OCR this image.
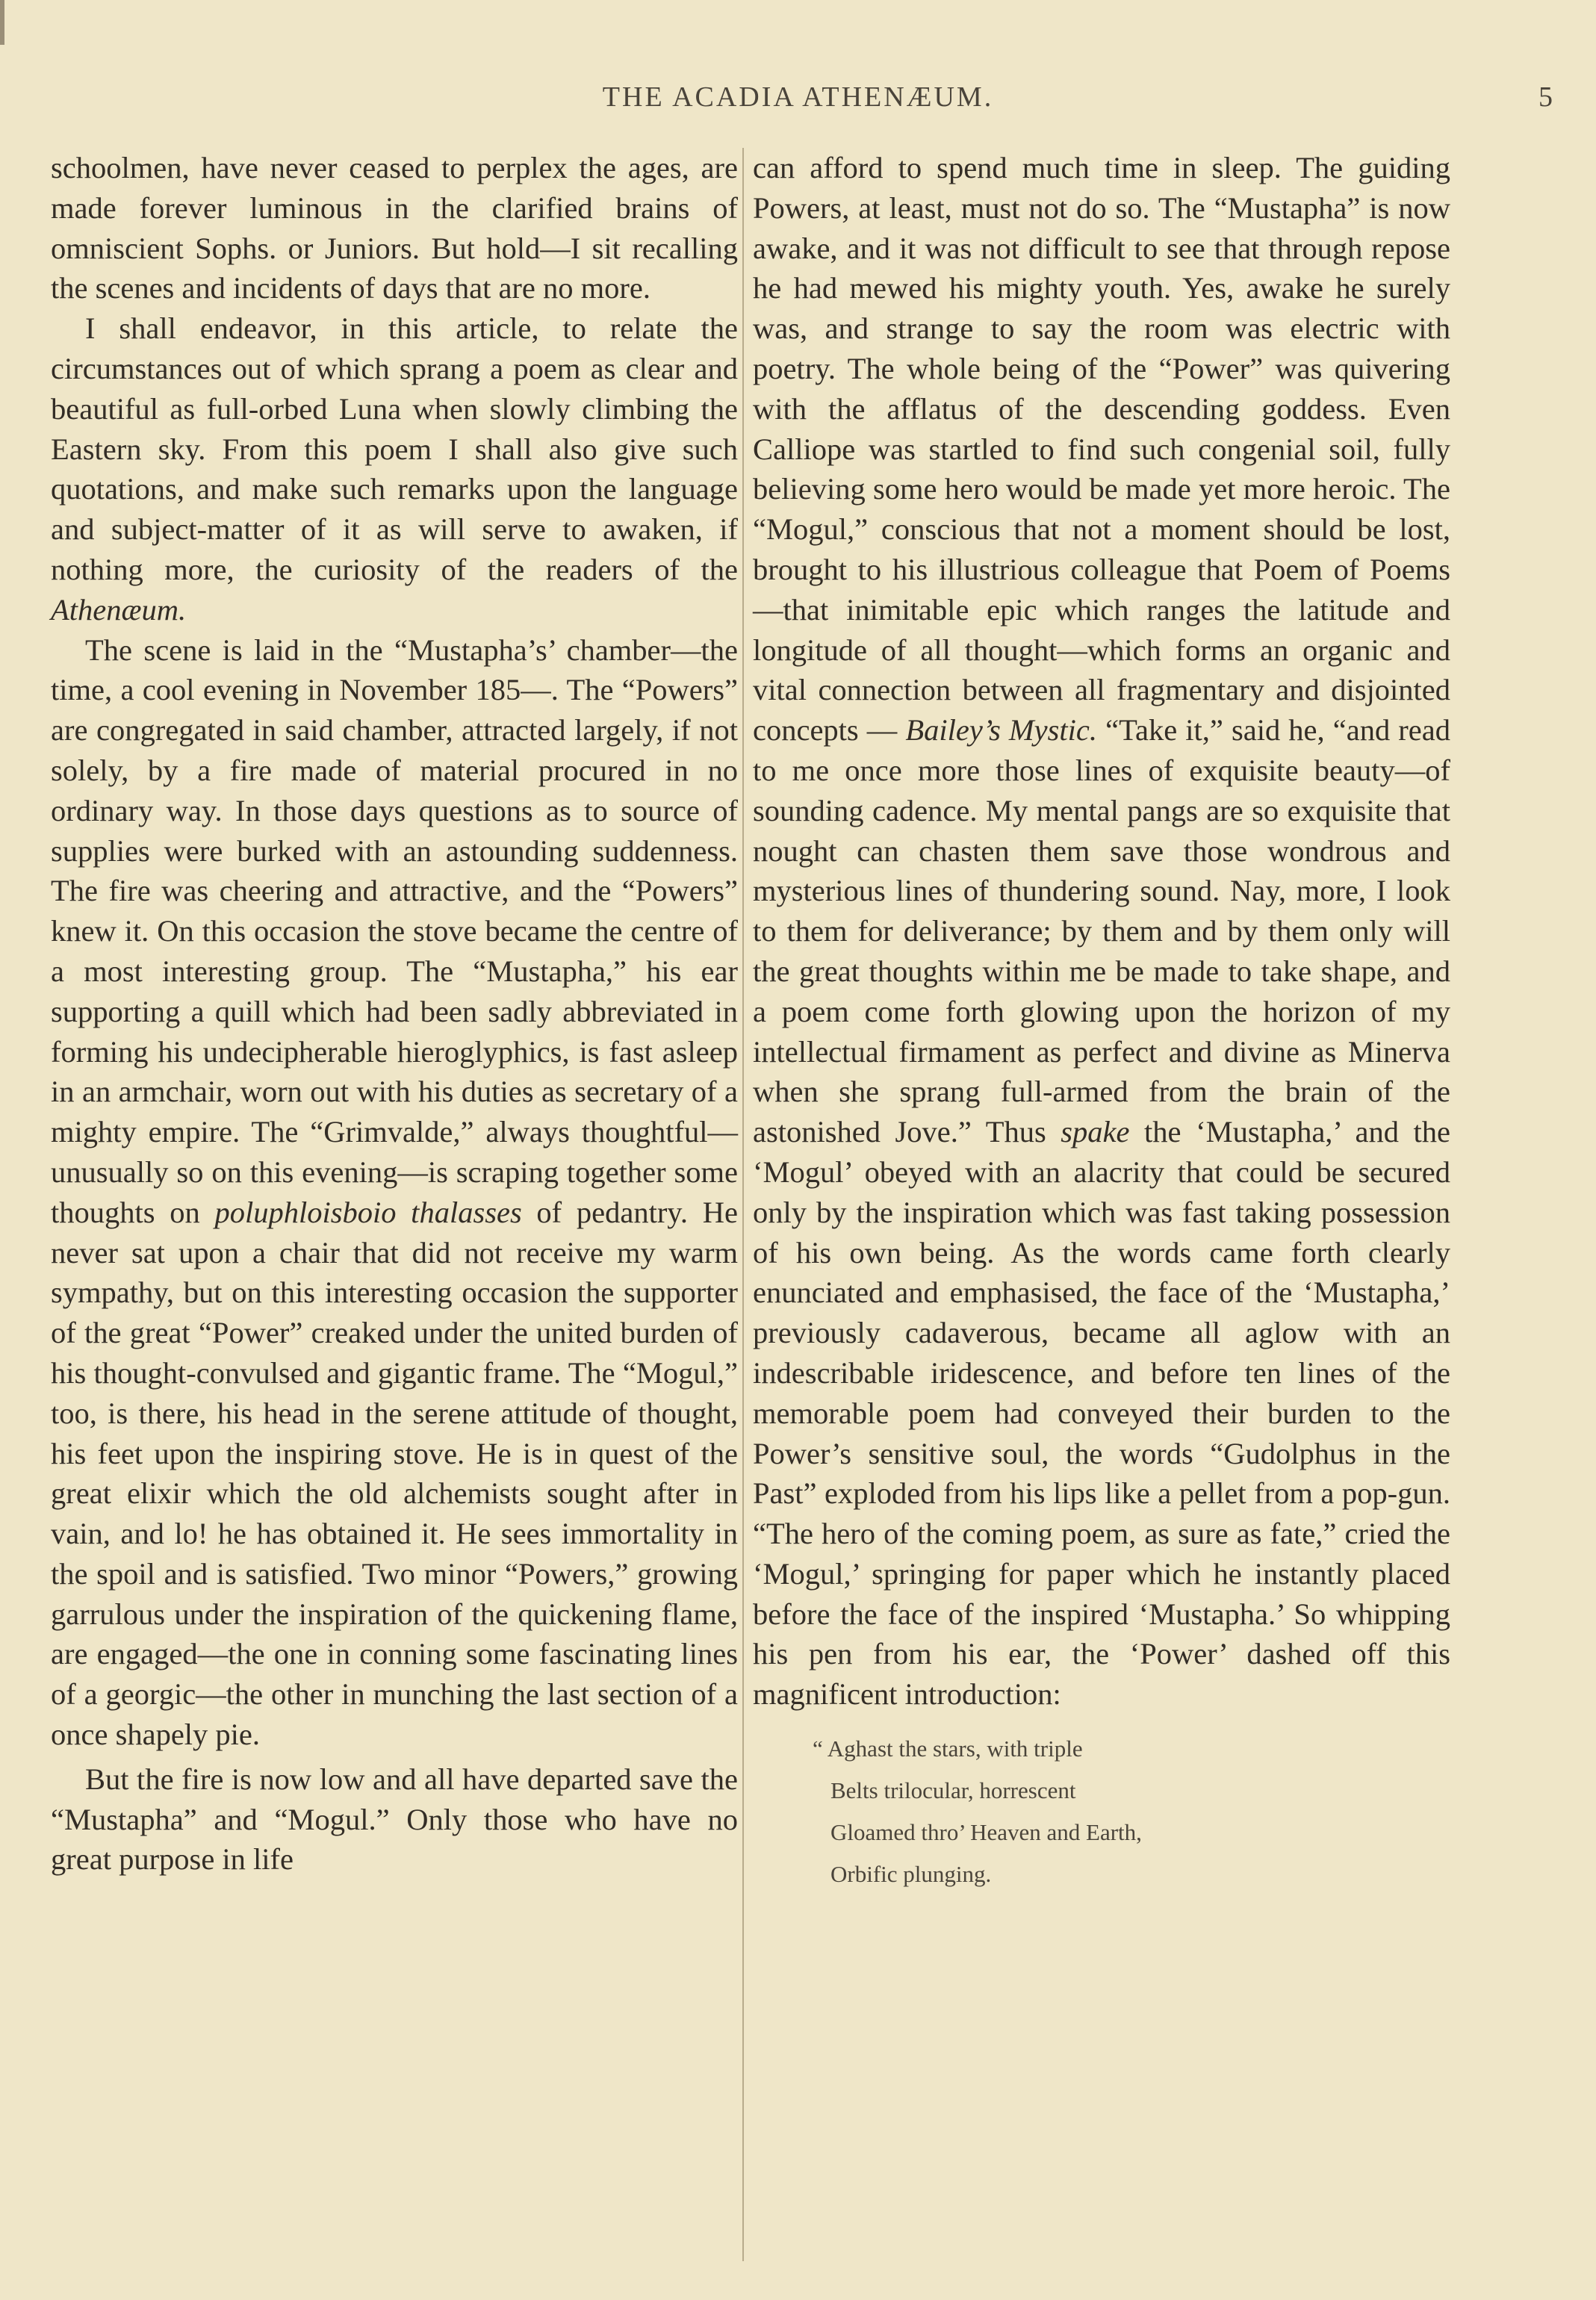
THE ACADIA ATHENÆUM.	5

schoolmen, have never ceased to perplex the ages, are made forever luminous in the clarified brains of omniscient Sophs. or Juniors. But hold—I sit recalling the scenes and incidents of days that are no more.

I shall endeavor, in this article, to relate the circumstances out of which sprang a poem as clear and beautiful as full-orbed Luna when slowly climbing the Eastern sky. From this poem I shall also give such quotations, and make such remarks upon the language and subject-matter of it as will serve to awaken, if nothing more, the curiosity of the readers of the Athenæum.

The scene is laid in the “Mustapha’s’ chamber—the time, a cool evening in November 185—. The “Powers” are congregated in said chamber, attracted largely, if not solely, by a fire made of material procured in no ordinary way. In those days questions as to source of supplies were burked with an astounding suddenness. The fire was cheering and attractive, and the “Powers” knew it. On this occasion the stove became the centre of a most interesting group. The “Mustapha,” his ear supporting a quill which had been sadly abbreviated in forming his undecipherable hieroglyphics, is fast asleep in an armchair, worn out with his duties as secretary of a mighty empire. The “Grimvalde,” always thoughtful—unusually so on this evening—is scraping together some thoughts on poluphloisboio thalasses of pedantry. He never sat upon a chair that did not receive my warm sympathy, but on this interesting occasion the supporter of the great “Power” creaked under the united burden of his thought-convulsed and gigantic frame. The “Mogul,” too, is there, his head in the serene attitude of thought, his feet upon the inspiring stove. He is in quest of the great elixir which the old alchemists sought after in vain, and lo! he has obtained it. He sees immortality in the spoil and is satisfied. Two minor “Powers,” growing garrulous under the inspiration of the quickening flame, are engaged—the one in conning some fascinating lines of a georgic—the other in munching the last section of a once shapely pie.

But the fire is now low and all have departed save the “Mustapha” and “Mogul.” Only those who have no great purpose in life

can afford to spend much time in sleep. The guiding Powers, at least, must not do so. The “Mustapha” is now awake, and it was not difficult to see that through repose he had mewed his mighty youth. Yes, awake he surely was, and strange to say the room was electric with poetry. The whole being of the “Power” was quivering with the afflatus of the descending goddess. Even Calliope was startled to find such congenial soil, fully believing some hero would be made yet more heroic. The “Mogul,” conscious that not a moment should be lost, brought to his illustrious colleague that Poem of Poems—that inimitable epic which ranges the latitude and longitude of all thought—which forms an organic and vital connection between all fragmentary and disjointed concepts — Bailey’s Mystic. “Take it,” said he, “and read to me once more those lines of exquisite beauty—of sounding cadence. My mental pangs are so exquisite that nought can chasten them save those wondrous and mysterious lines of thundering sound. Nay, more, I look to them for deliverance; by them and by them only will the great thoughts within me be made to take shape, and a poem come forth glowing upon the horizon of my intellectual firmament as perfect and divine as Minerva when she sprang full-armed from the brain of the astonished Jove.” Thus spake the ‘Mustapha,’ and the ‘Mogul’ obeyed with an alacrity that could be secured only by the inspiration which was fast taking possession of his own being. As the words came forth clearly enunciated and emphasised, the face of the ‘Mustapha,’ previously cadaverous, became all aglow with an indescribable iridescence, and before ten lines of the memorable poem had conveyed their burden to the Power’s sensitive soul, the words “Gudolphus in the Past” exploded from his lips like a pellet from a pop-gun. “The hero of the coming poem, as sure as fate,” cried the ‘Mogul,’ springing for paper which he instantly placed before the face of the inspired ‘Mustapha.’ So whipping his pen from his ear, the ‘Power’ dashed off this magnificent introduction:

“ Aghast the stars, with triple
Belts trilocular, horrescent
Gloamed thro’ Heaven and Earth,
Orbific plunging.
